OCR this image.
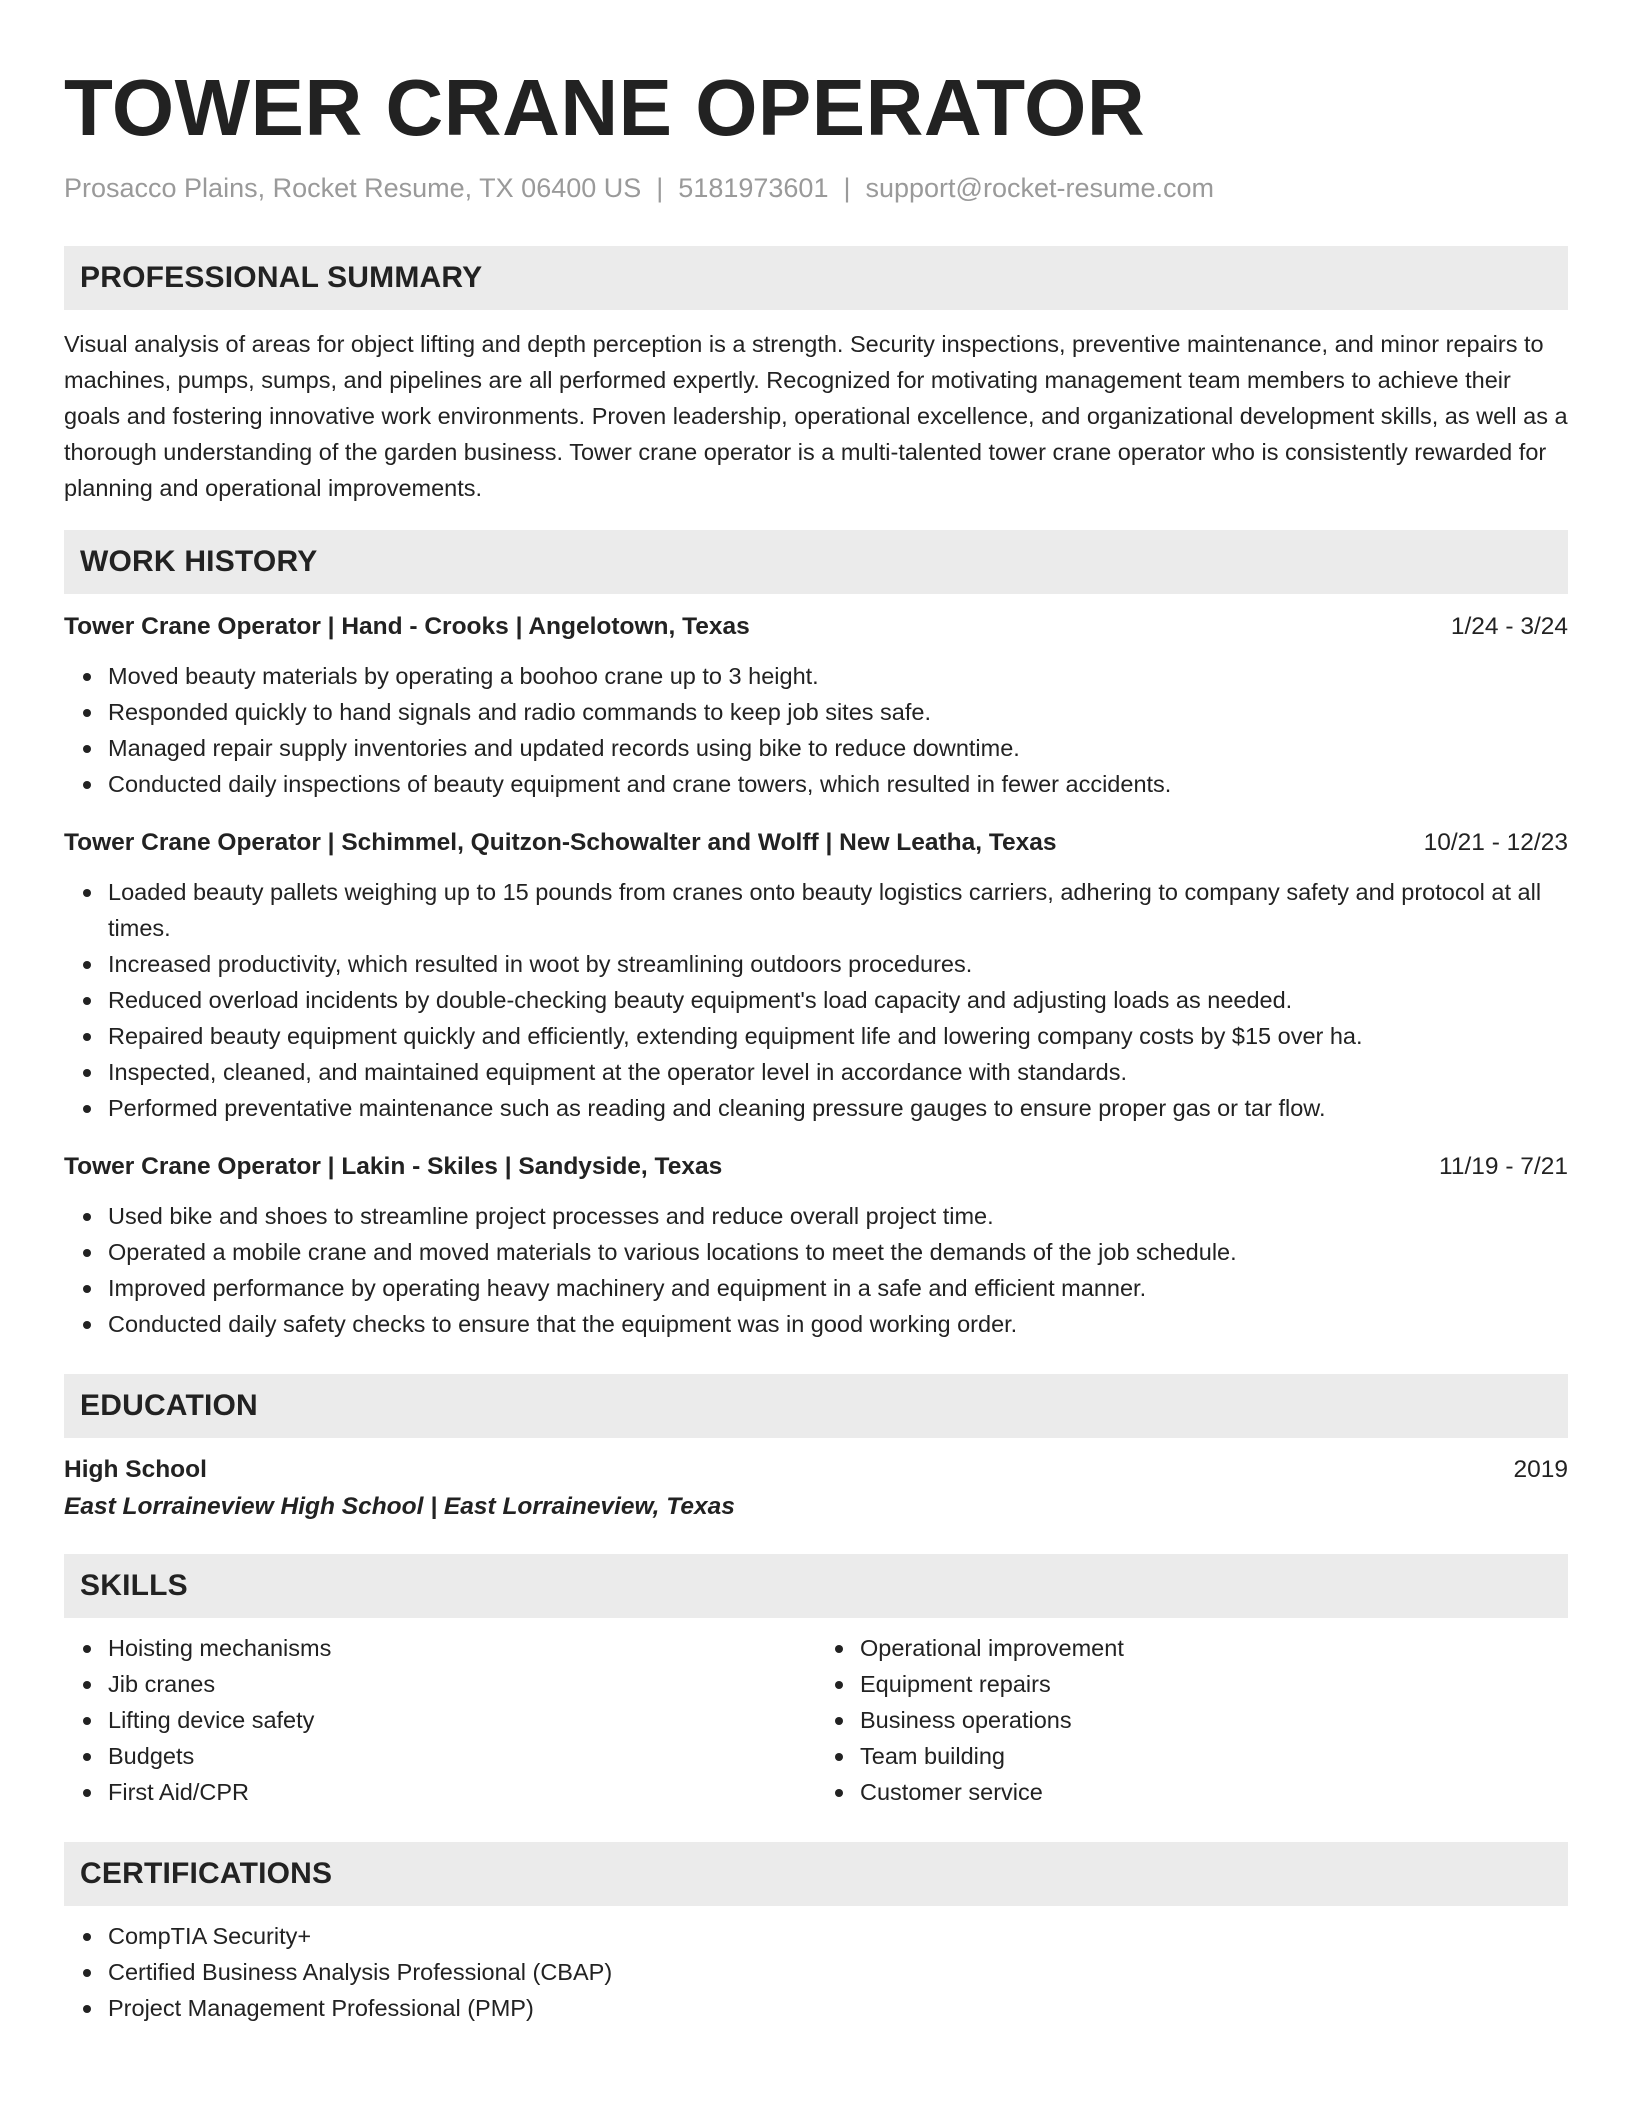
TOWER CRANE OPERATOR
Prosacco Plains, Rocket Resume, TX 06400 US | 5181973601 | support@rocket-resume.com
PROFESSIONAL SUMMARY

Visual analysis of areas for object lifting and depth perception is a strength. Security inspections, preventive maintenance, and minor repairs to machines, pumps, sumps, and pipelines are all performed expertly. Recognized for motivating management team members to achieve their goals and fostering innovative work environments. Proven leadership, operational excellence, and organizational development skills, as well as a thorough understanding of the garden business. Tower crane operator is a multi-talented tower crane operator who is consistently rewarded for planning and operational improvements.

WORK HISTORY
Tower Crane Operator | Hand - Crooks | Angelotown, Texas	1/24 - 3/24
Moved beauty materials by operating a boohoo crane up to 3 height.
Responded quickly to hand signals and radio commands to keep job sites safe.
Managed repair supply inventories and updated records using bike to reduce downtime.
Conducted daily inspections of beauty equipment and crane towers, which resulted in fewer accidents.
Tower Crane Operator | Schimmel, Quitzon-Schowalter and Wolff | New Leatha, Texas	10/21 - 12/23
Loaded beauty pallets weighing up to 15 pounds from cranes onto beauty logistics carriers, adhering to company safety and protocol at all times.
Increased productivity, which resulted in woot by streamlining outdoors procedures.
Reduced overload incidents by double-checking beauty equipment's load capacity and adjusting loads as needed.
Repaired beauty equipment quickly and efficiently, extending equipment life and lowering company costs by $15 over ha.
Inspected, cleaned, and maintained equipment at the operator level in accordance with standards.
Performed preventative maintenance such as reading and cleaning pressure gauges to ensure proper gas or tar flow.
Tower Crane Operator | Lakin - Skiles | Sandyside, Texas	11/19 - 7/21
Used bike and shoes to streamline project processes and reduce overall project time.
Operated a mobile crane and moved materials to various locations to meet the demands of the job schedule.
Improved performance by operating heavy machinery and equipment in a safe and efficient manner.
Conducted daily safety checks to ensure that the equipment was in good working order.
EDUCATION
High School	2019
East Lorraineview High School | East Lorraineview, Texas
SKILLS
Hoisting mechanisms
Jib cranes
Lifting device safety
Budgets
First Aid/CPR
Operational improvement
Equipment repairs
Business operations
Team building
Customer service
CERTIFICATIONS
CompTIA Security+
Certified Business Analysis Professional (CBAP)
Project Management Professional (PMP)
